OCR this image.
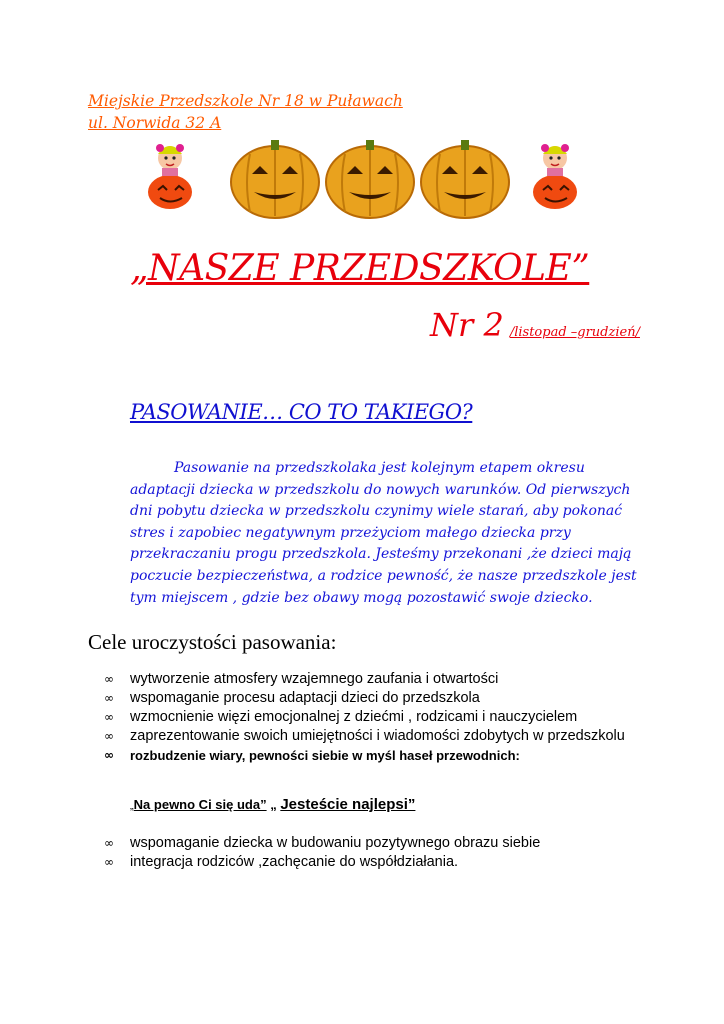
Miejskie Przedszkole Nr 18 w Puławach
ul. Norwida 32 A
„NASZE PRZEDSZKOLE”
Nr 2 /listopad –grudzień/
PASOWANIE… CO TO TAKIEGO?

Pasowanie na przedszkolaka jest kolejnym etapem okresu adaptacji dziecka w przedszkolu do nowych warunków. Od pierwszych dni pobytu dziecka w przedszkolu czynimy wiele starań, aby pokonać stres i zapobiec negatywnym przeżyciom małego dziecka przy przekraczaniu progu przedszkola. Jesteśmy przekonani ,że dzieci mają poczucie bezpieczeństwa, a rodzice pewność, że nasze przedszkole jest tym miejscem , gdzie bez obawy mogą pozostawić swoje dziecko.

Cele uroczystości pasowania:
∞ wytworzenie atmosfery wzajemnego zaufania i otwartości
∞ wspomaganie procesu adaptacji dzieci do przedszkola
∞ wzmocnienie więzi emocjonalnej z dziećmi , rodzicami i nauczycielem
∞ zaprezentowanie swoich umiejętności i wiadomości zdobytych w przedszkolu
∞ rozbudzenie wiary, pewności siebie w myśl haseł przewodnich:
„Na pewno Ci się uda” „ Jesteście najlepsi”
∞ wspomaganie dziecka w budowaniu pozytywnego obrazu siebie
∞ integracja rodziców ,zachęcanie do współdziałania.
